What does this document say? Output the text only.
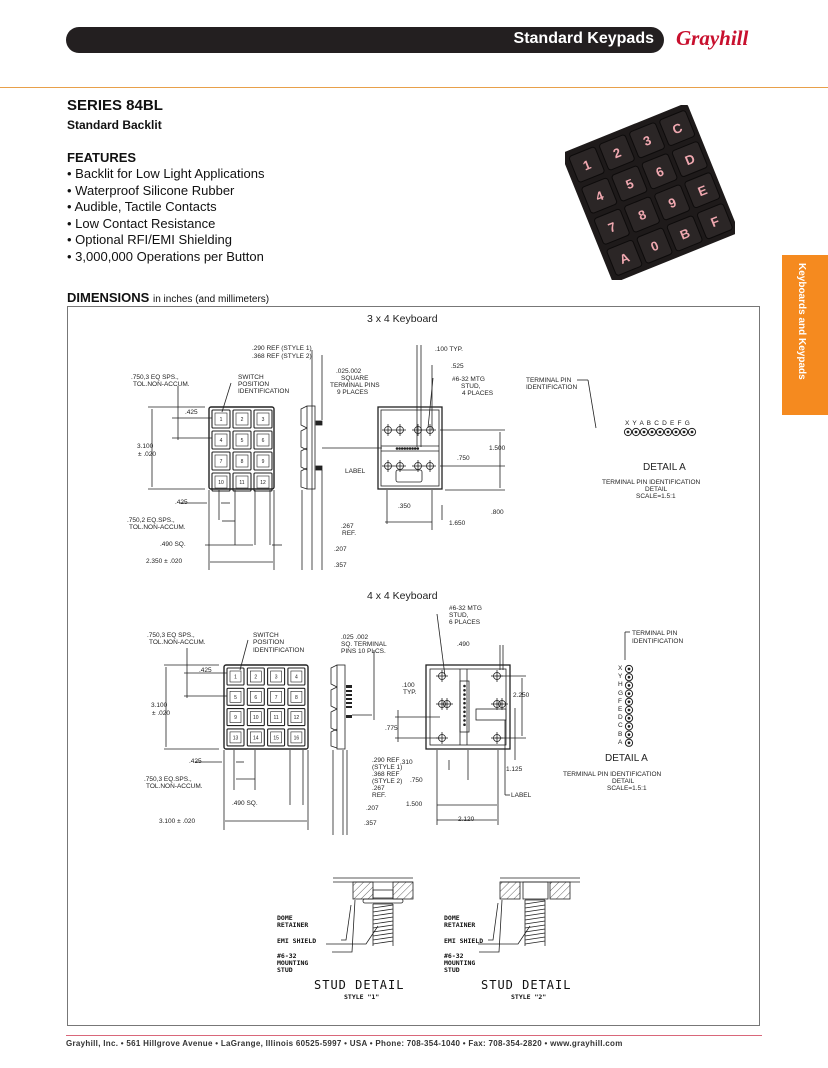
Standard Keypads Grayhill
SERIES 84BL
Standard Backlit
FEATURES
• Backlit for Low Light Applications
• Waterproof Silicone Rubber
• Audible, Tactile Contacts
• Low Contact Resistance
• Optional RFI/EMI Shielding
• 3,000,000 Operations per Button
1
2
3
C
4
5
6
D
7
8
9
E
A
0
B
F
Keyboards and Keypads
DIMENSIONS in inches (and millimeters)
1	2	3
4	5	6
7	8	9
10	11	12
1	2	3	4
5	6	7	8
9	10	11	12
13	14	15	16
3 x 4 Keyboard
.290 REF (STYLE 1)
.368 REF (STYLE 2)
.750,3 EQ SPS.,
TOL.NON-ACCUM.
SWITCH
POSITION
IDENTIFICATION
.425
3.100
± .020
.425
.750,2 EQ.SPS.,
TOL.NON-ACCUM.
.490 SQ.
2.350 ± .020
.025.002
SQUARE
TERMINAL PINS
9 PLACES
.100 TYP.
.525
#6-32 MTG
STUD,
4 PLACES
1.500
.750
LABEL
.350
1.650
.800
.267
REF.
.207
.357
TERMINAL PIN
IDENTIFICATION
X Y A B C D E F G
DETAIL A
TERMINAL PIN IDENTIFICATION
DETAIL
SCALE=1.5:1
4 x 4 Keyboard
.750,3 EQ SPS.,
TOL.NON-ACCUM.
SWITCH
POSITION
IDENTIFICATION
.425
3.100
± .020
.425
.750,3 EQ.SPS.,
TOL.NON-ACCUM.
.490 SQ.
3.100 ± .020
.025 .002
SQ. TERMINAL
PINS 10 PLCS.
#6-32 MTG
STUD,
6 PLACES
.490
.100
TYP.	2.250
.775
.290 REF
(STYLE 1)
.368 REF
(STYLE 2)
.310
.750
.267
REF.
1.125
LABEL
1.500
.207
2.120
.357
TERMINAL PIN
IDENTIFICATION
X
Y
H
G
F
E
D
C
B
A
DETAIL A
TERMINAL PIN IDENTIFICATION
DETAIL
SCALE=1.5:1
DOME
RETAINER
EMI SHIELD
#6-32
MOUNTING
STUD
STUD DETAIL
STYLE "1"
DOME
RETAINER
EMI SHIELD
#6-32
MOUNTING
STUD
STUD DETAIL
STYLE "2"
Grayhill, Inc. • 561 Hillgrove Avenue • LaGrange, Illinois 60525-5997 • USA • Phone: 708-354-1040 • Fax: 708-354-2820 • www.grayhill.com
